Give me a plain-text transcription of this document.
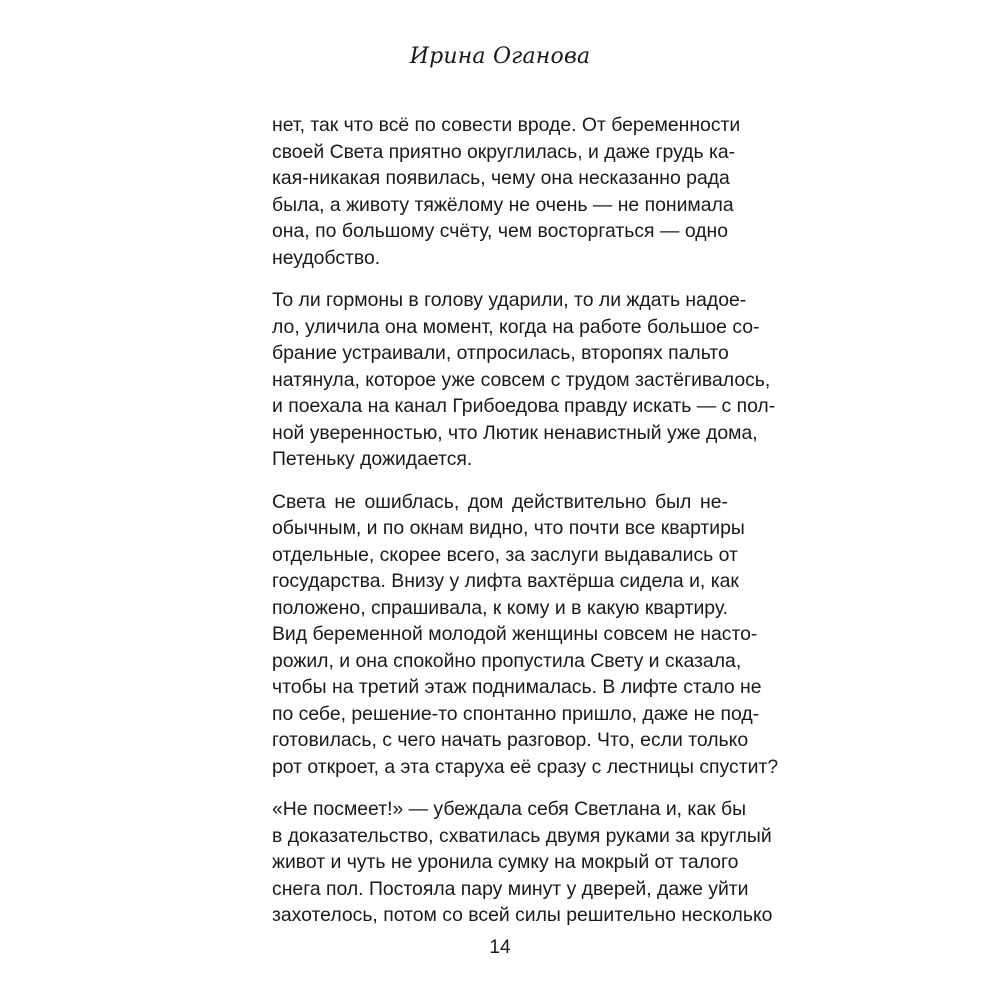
Ирина Оганова
нет, так что всё по совести вроде. От беременности
своей Света приятно округлилась, и даже грудь ка-
кая-никакая появилась, чему она несказанно рада
была, а животу тяжёлому не очень — не понимала
она, по большому счёту, чем восторгаться — одно
неудобство.
То ли гормоны в голову ударили, то ли ждать надое-
ло, уличила она момент, когда на работе большое со-
брание устраивали, отпросилась, второпях пальто
натянула, которое уже совсем с трудом застёгивалось,
и поехала на канал Грибоедова правду искать — с пол-
ной уверенностью, что Лютик ненавистный уже дома,
Петеньку дожидается.
Света не ошиблась, дом действительно был не-
обычным, и по окнам видно, что почти все квартиры
отдельные, скорее всего, за заслуги выдавались от
государства. Внизу у лифта вахтёрша сидела и, как
положено, спрашивала, к кому и в какую квартиру.
Вид беременной молодой женщины совсем не насто-
рожил, и она спокойно пропустила Свету и сказала,
чтобы на третий этаж поднималась. В лифте стало не
по себе, решение-то спонтанно пришло, даже не под-
готовилась, с чего начать разговор. Что, если только
рот откроет, а эта старуха её сразу с лестницы спустит?
«Не посмеет!» — убеждала себя Светлана и, как бы
в доказательство, схватилась двумя руками за круглый
живот и чуть не уронила сумку на мокрый от талого
снега пол. Постояла пару минут у дверей, даже уйти
захотелось, потом со всей силы решительно несколько
14
